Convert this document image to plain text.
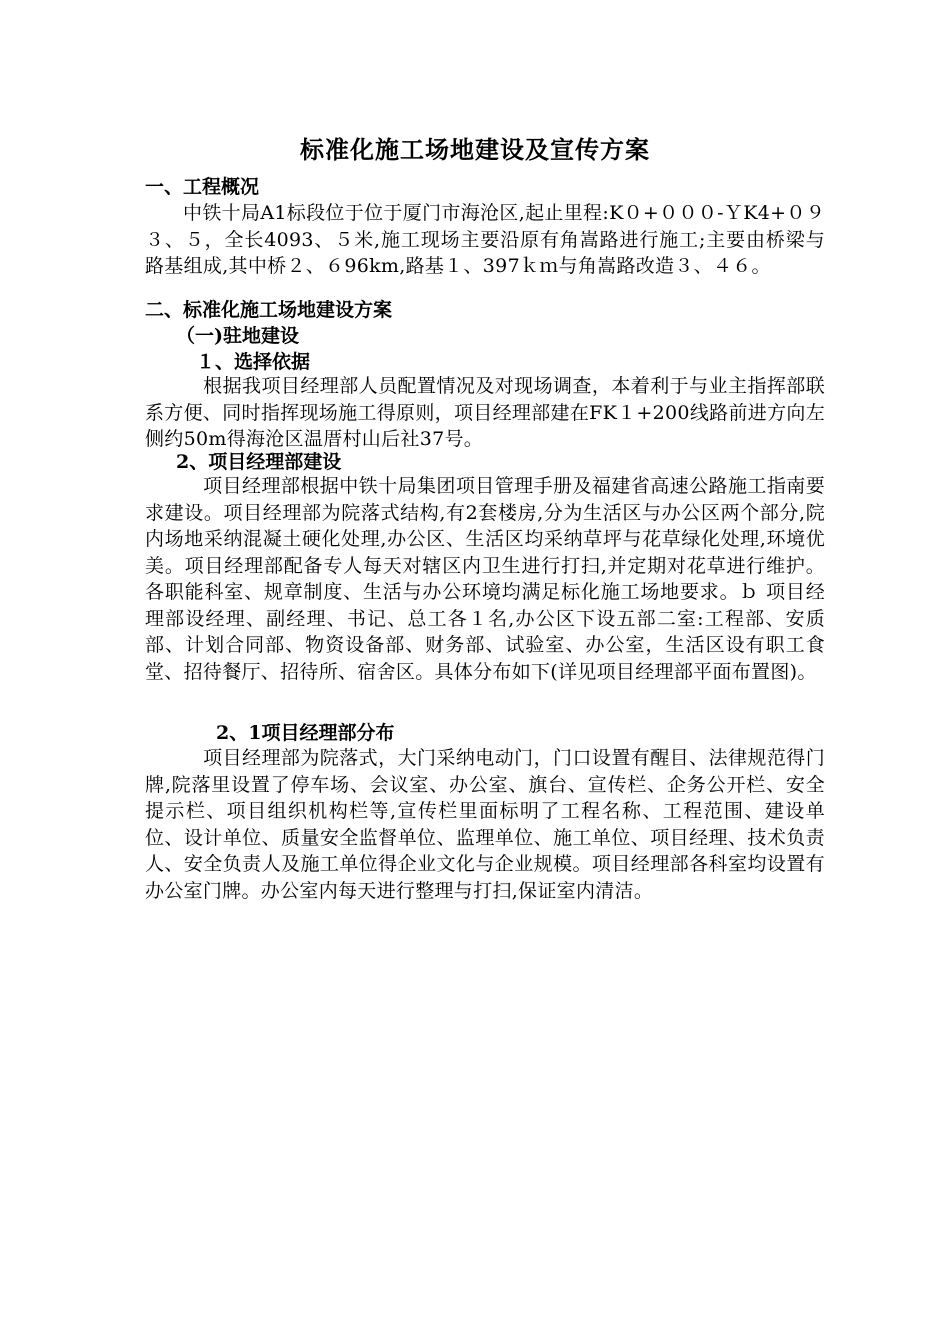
标准化施工场地建设及宣传方案
一、工程概况
中铁十局A1标段位于位于厦门市海沧区,起止里程:K０+０００-ＹK4+０９３、５，全长4093、５米,施工现场主要沿原有角嵩路进行施工;主要由桥梁与路基组成,其中桥２、６96km,路基１、397ｋｍ与角嵩路改造３、４６。
二、标准化施工场地建设方案
（一)驻地建设
１、选择依据
根据我项目经理部人员配置情况及对现场调查，本着利于与业主指挥部联系方便、同时指挥现场施工得原则，项目经理部建在FK１+200线路前进方向左侧约50m得海沧区温厝村山后社37号。
2、项目经理部建设
项目经理部根据中铁十局集团项目管理手册及福建省高速公路施工指南要求建设。项目经理部为院落式结构,有2套楼房,分为生活区与办公区两个部分,院内场地采纳混凝土硬化处理,办公区、生活区均采纳草坪与花草绿化处理,环境优美。项目经理部配备专人每天对辖区内卫生进行打扫,并定期对花草进行维护。各职能科室、规章制度、生活与办公环境均满足标化施工场地要求。ｂ 项目经理部设经理、副经理、书记、总工各１名,办公区下设五部二室:工程部、安质部、计划合同部、物资设备部、财务部、试验室、办公室，生活区设有职工食堂、招待餐厅、招待所、宿舍区。具体分布如下(详见项目经理部平面布置图)。
2、1项目经理部分布
项目经理部为院落式，大门采纳电动门，门口设置有醒目、法律规范得门牌,院落里设置了停车场、会议室、办公室、旗台、宣传栏、企务公开栏、安全提示栏、项目组织机构栏等,宣传栏里面标明了工程名称、工程范围、建设单位、设计单位、质量安全监督单位、监理单位、施工单位、项目经理、技术负责人、安全负责人及施工单位得企业文化与企业规模。项目经理部各科室均设置有办公室门牌。办公室内每天进行整理与打扫,保证室内清洁。
